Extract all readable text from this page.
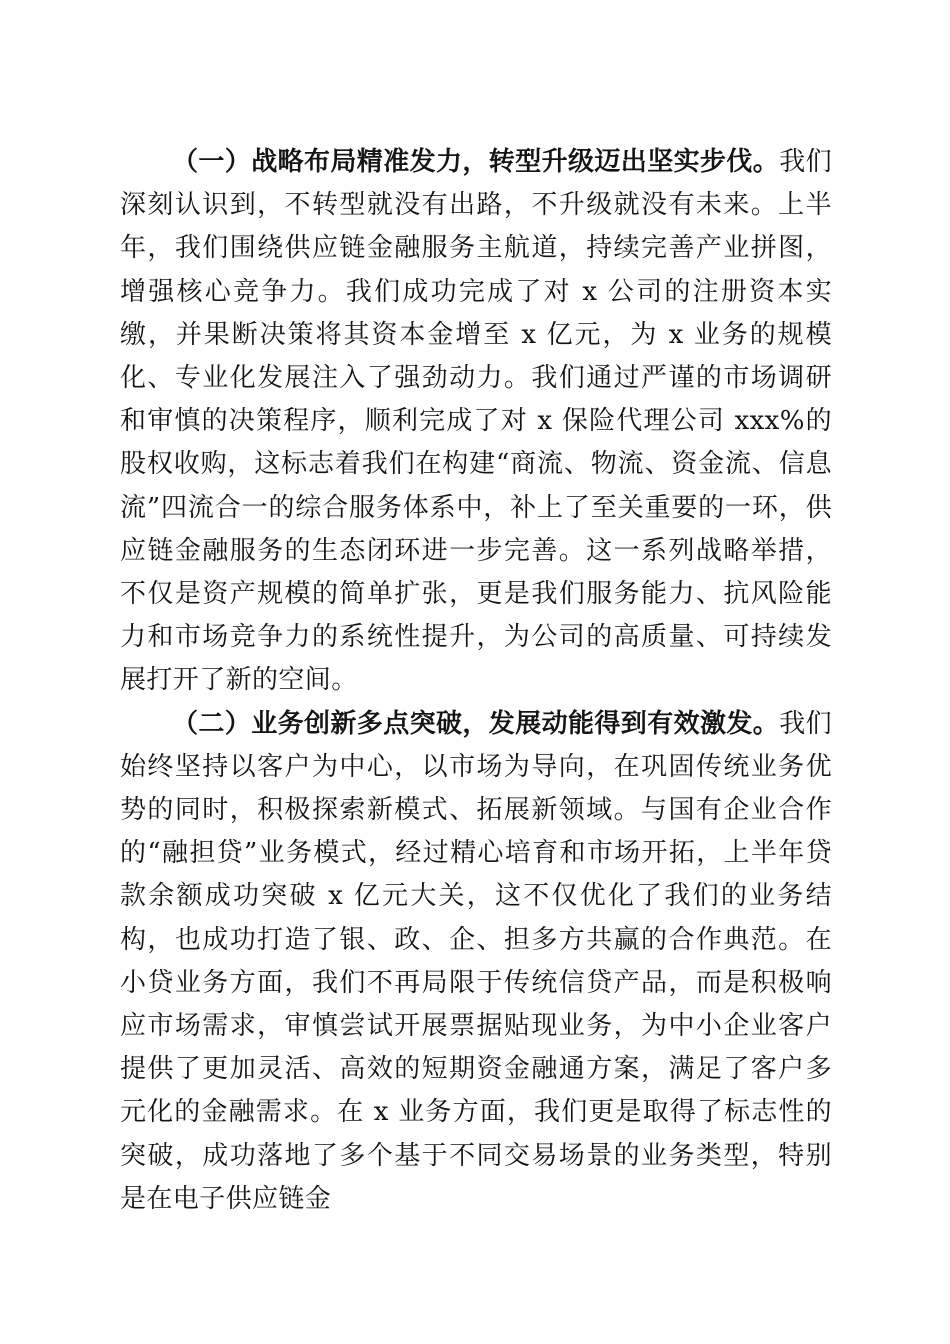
（一）战略布局精准发力，转型升级迈出坚实步伐。我们深刻认识到，不转型就没有出路，不升级就没有未来。上半年，我们围绕供应链金融服务主航道，持续完善产业拼图，增强核心竞争力。我们成功完成了对 x 公司的注册资本实缴，并果断决策将其资本金增至 x 亿元，为 x 业务的规模化、专业化发展注入了强劲动力。我们通过严谨的市场调研和审慎的决策程序，顺利完成了对 x 保险代理公司 xxx%的股权收购，这标志着我们在构建“商流、物流、资金流、信息流”四流合一的综合服务体系中，补上了至关重要的一环，供应链金融服务的生态闭环进一步完善。这一系列战略举措，不仅是资产规模的简单扩张，更是我们服务能力、抗风险能力和市场竞争力的系统性提升，为公司的高质量、可持续发展打开了新的空间。

（二）业务创新多点突破，发展动能得到有效激发。我们始终坚持以客户为中心，以市场为导向，在巩固传统业务优势的同时，积极探索新模式、拓展新领域。与国有企业合作的“融担贷”业务模式，经过精心培育和市场开拓，上半年贷款余额成功突破 x 亿元大关，这不仅优化了我们的业务结构，也成功打造了银、政、企、担多方共赢的合作典范。在小贷业务方面，我们不再局限于传统信贷产品，而是积极响应市场需求，审慎尝试开展票据贴现业务，为中小企业客户提供了更加灵活、高效的短期资金融通方案，满足了客户多元化的金融需求。在 x 业务方面，我们更是取得了标志性的突破，成功落地了多个基于不同交易场景的业务类型，特别是在电子供应链金
